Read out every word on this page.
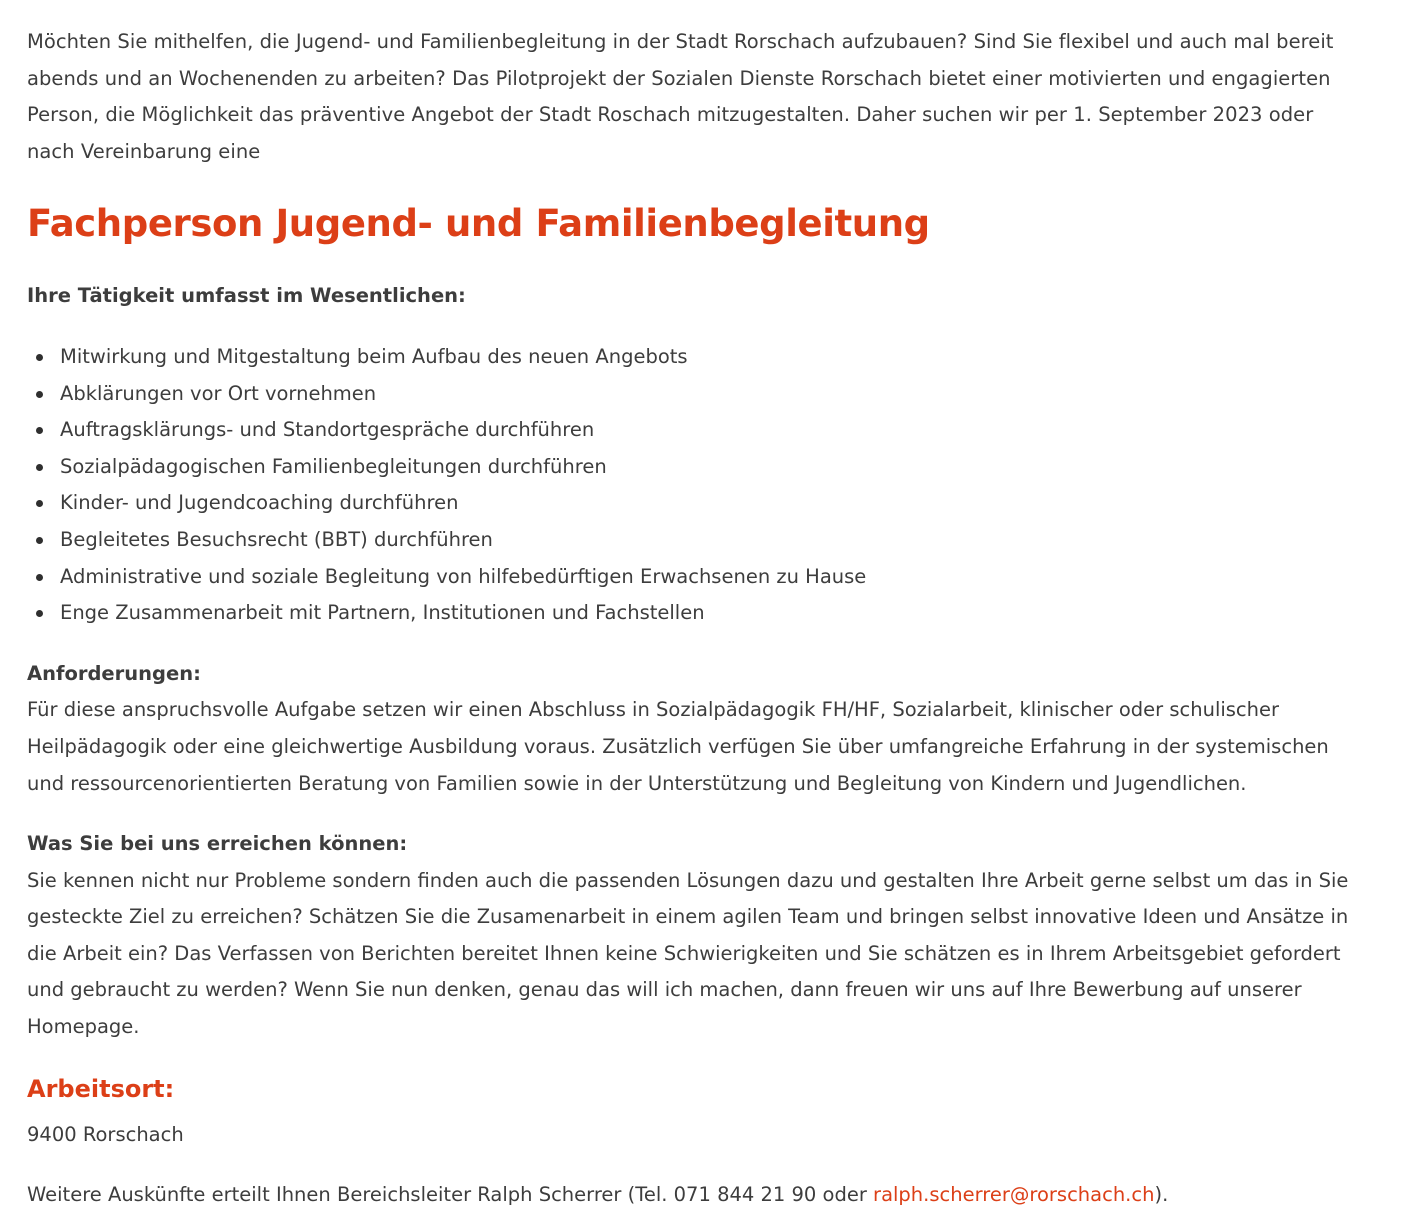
Möchten Sie mithelfen, die Jugend- und Familienbegleitung in der Stadt Rorschach aufzubauen? Sind Sie flexibel und auch mal bereit abends und an Wochenenden zu arbeiten? Das Pilotprojekt der Sozialen Dienste Rorschach bietet einer motivierten und engagierten Person, die Möglichkeit das präventive Angebot der Stadt Roschach mitzugestalten. Daher suchen wir per 1. September 2023 oder nach Vereinbarung eine

Fachperson Jugend- und Familienbegleitung
Ihre Tätigkeit umfasst im Wesentlichen:
Mitwirkung und Mitgestaltung beim Aufbau des neuen Angebots
Abklärungen vor Ort vornehmen
Auftragsklärungs- und Standortgespräche durchführen
Sozialpädagogischen Familienbegleitungen durchführen
Kinder- und Jugendcoaching durchführen
Begleitetes Besuchsrecht (BBT) durchführen
Administrative und soziale Begleitung von hilfebedürftigen Erwachsenen zu Hause
Enge Zusammenarbeit mit Partnern, Institutionen und Fachstellen
Anforderungen:
Für diese anspruchsvolle Aufgabe setzen wir einen Abschluss in Sozialpädagogik FH/HF, Sozialarbeit, klinischer oder schulischer Heilpädagogik oder eine gleichwertige Ausbildung voraus. Zusätzlich verfügen Sie über umfangreiche Erfahrung in der systemischen und ressourcenorientierten Beratung von Familien sowie in der Unterstützung und Begleitung von Kindern und Jugendlichen.
Was Sie bei uns erreichen können:
Sie kennen nicht nur Probleme sondern finden auch die passenden Lösungen dazu und gestalten Ihre Arbeit gerne selbst um das in Sie gesteckte Ziel zu erreichen? Schätzen Sie die Zusamenarbeit in einem agilen Team und bringen selbst innovative Ideen und Ansätze in die Arbeit ein? Das Verfassen von Berichten bereitet Ihnen keine Schwierigkeiten und Sie schätzen es in Ihrem Arbeitsgebiet gefordert und gebraucht zu werden? Wenn Sie nun denken, genau das will ich machen, dann freuen wir uns auf Ihre Bewerbung auf unserer Homepage.
Arbeitsort:

9400 Rorschach

Weitere Auskünfte erteilt Ihnen Bereichsleiter Ralph Scherrer (Tel. 071 844 21 90 oder ralph.scherrer@rorschach.ch).
